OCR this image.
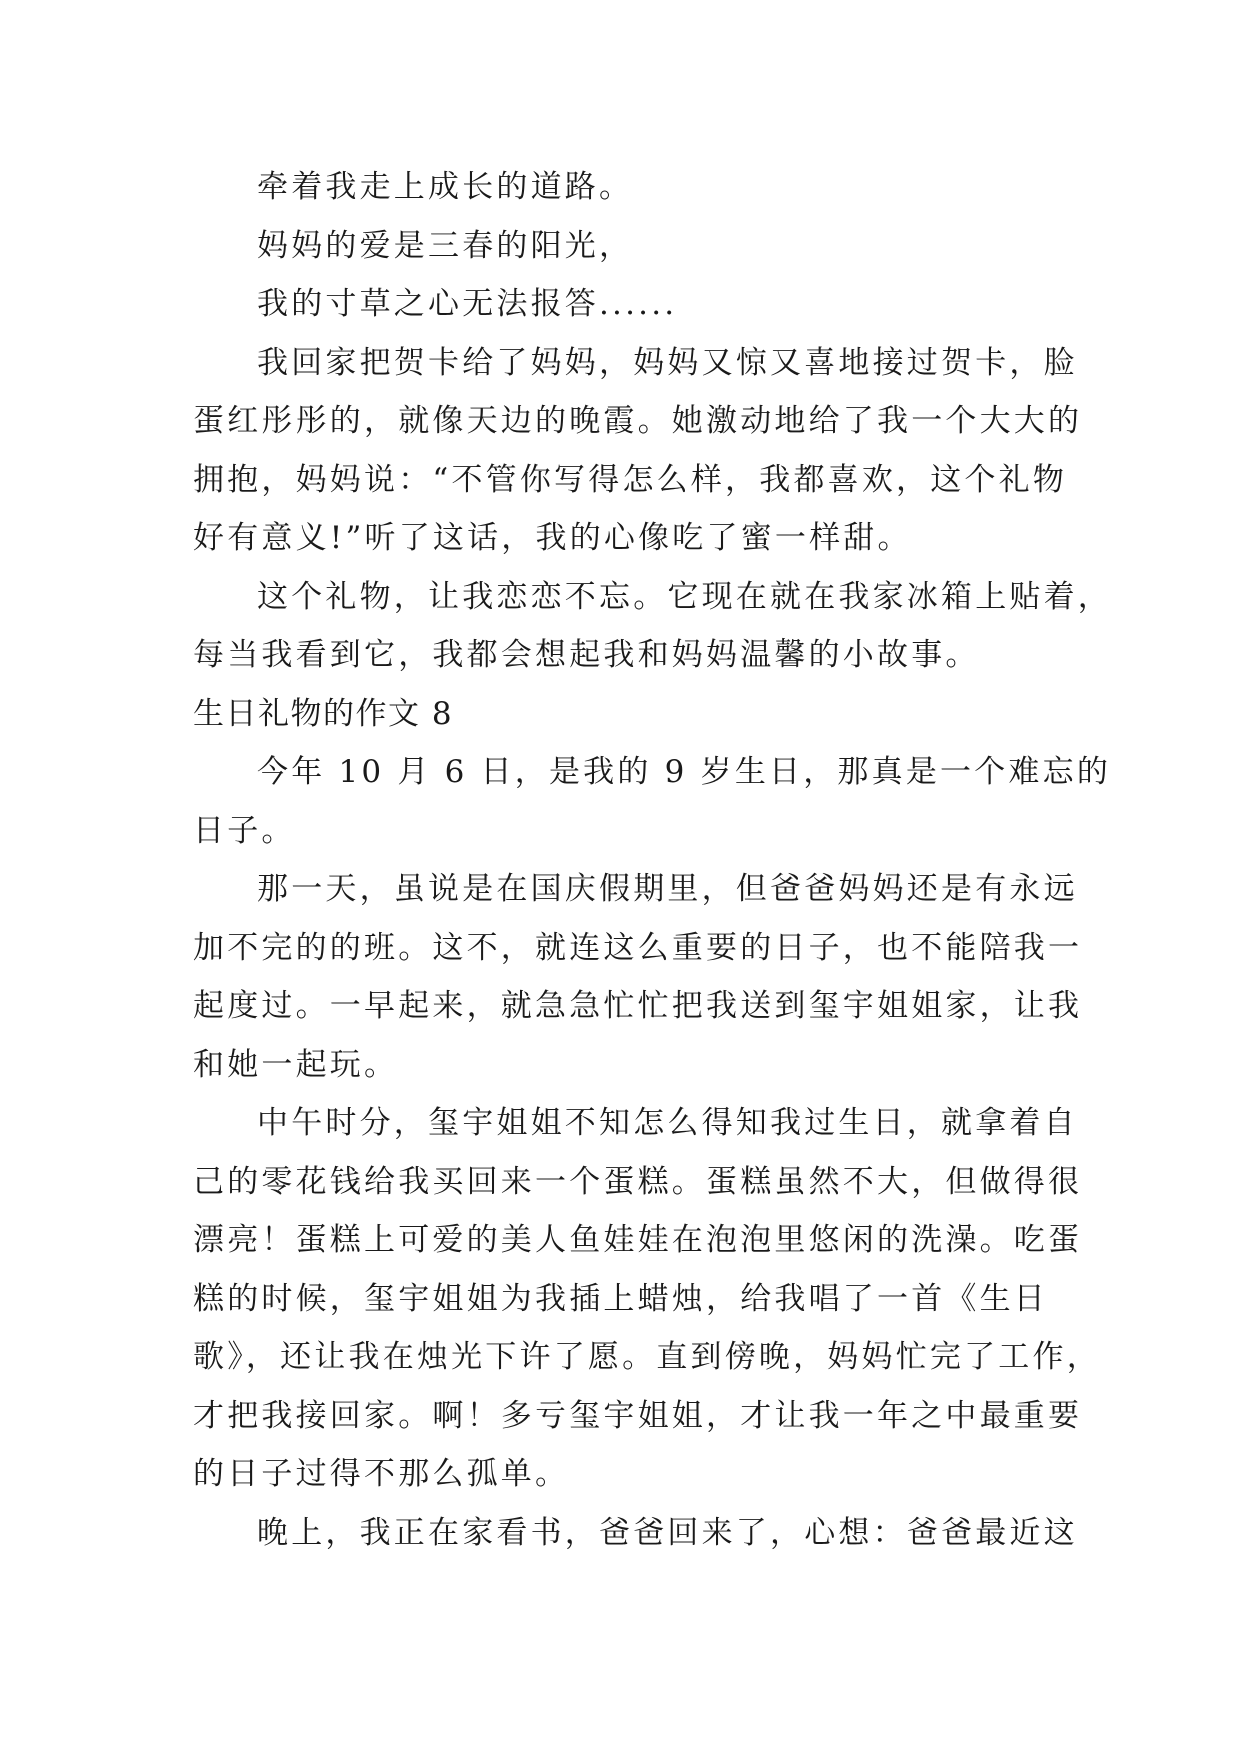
牵着我走上成长的道路。
妈妈的爱是三春的阳光，
我的寸草之心无法报答......
我回家把贺卡给了妈妈，妈妈又惊又喜地接过贺卡，脸
蛋红彤彤的，就像天边的晚霞。她激动地给了我一个大大的
拥抱，妈妈说：“不管你写得怎么样，我都喜欢，这个礼物
好有意义!”听了这话，我的心像吃了蜜一样甜。
这个礼物，让我恋恋不忘。它现在就在我家冰箱上贴着，
每当我看到它，我都会想起我和妈妈温馨的小故事。
生日礼物的作文 8
今年 10 月 6 日，是我的 9 岁生日，那真是一个难忘的
日子。
那一天，虽说是在国庆假期里，但爸爸妈妈还是有永远
加不完的的班。这不，就连这么重要的日子，也不能陪我一
起度过。一早起来，就急急忙忙把我送到玺宇姐姐家，让我
和她一起玩。
中午时分，玺宇姐姐不知怎么得知我过生日，就拿着自
己的零花钱给我买回来一个蛋糕。蛋糕虽然不大，但做得很
漂亮！蛋糕上可爱的美人鱼娃娃在泡泡里悠闲的洗澡。吃蛋
糕的时候，玺宇姐姐为我插上蜡烛，给我唱了一首《生日
歌》，还让我在烛光下许了愿。直到傍晚，妈妈忙完了工作，
才把我接回家。啊！多亏玺宇姐姐，才让我一年之中最重要
的日子过得不那么孤单。
晚上，我正在家看书，爸爸回来了，心想：爸爸最近这
